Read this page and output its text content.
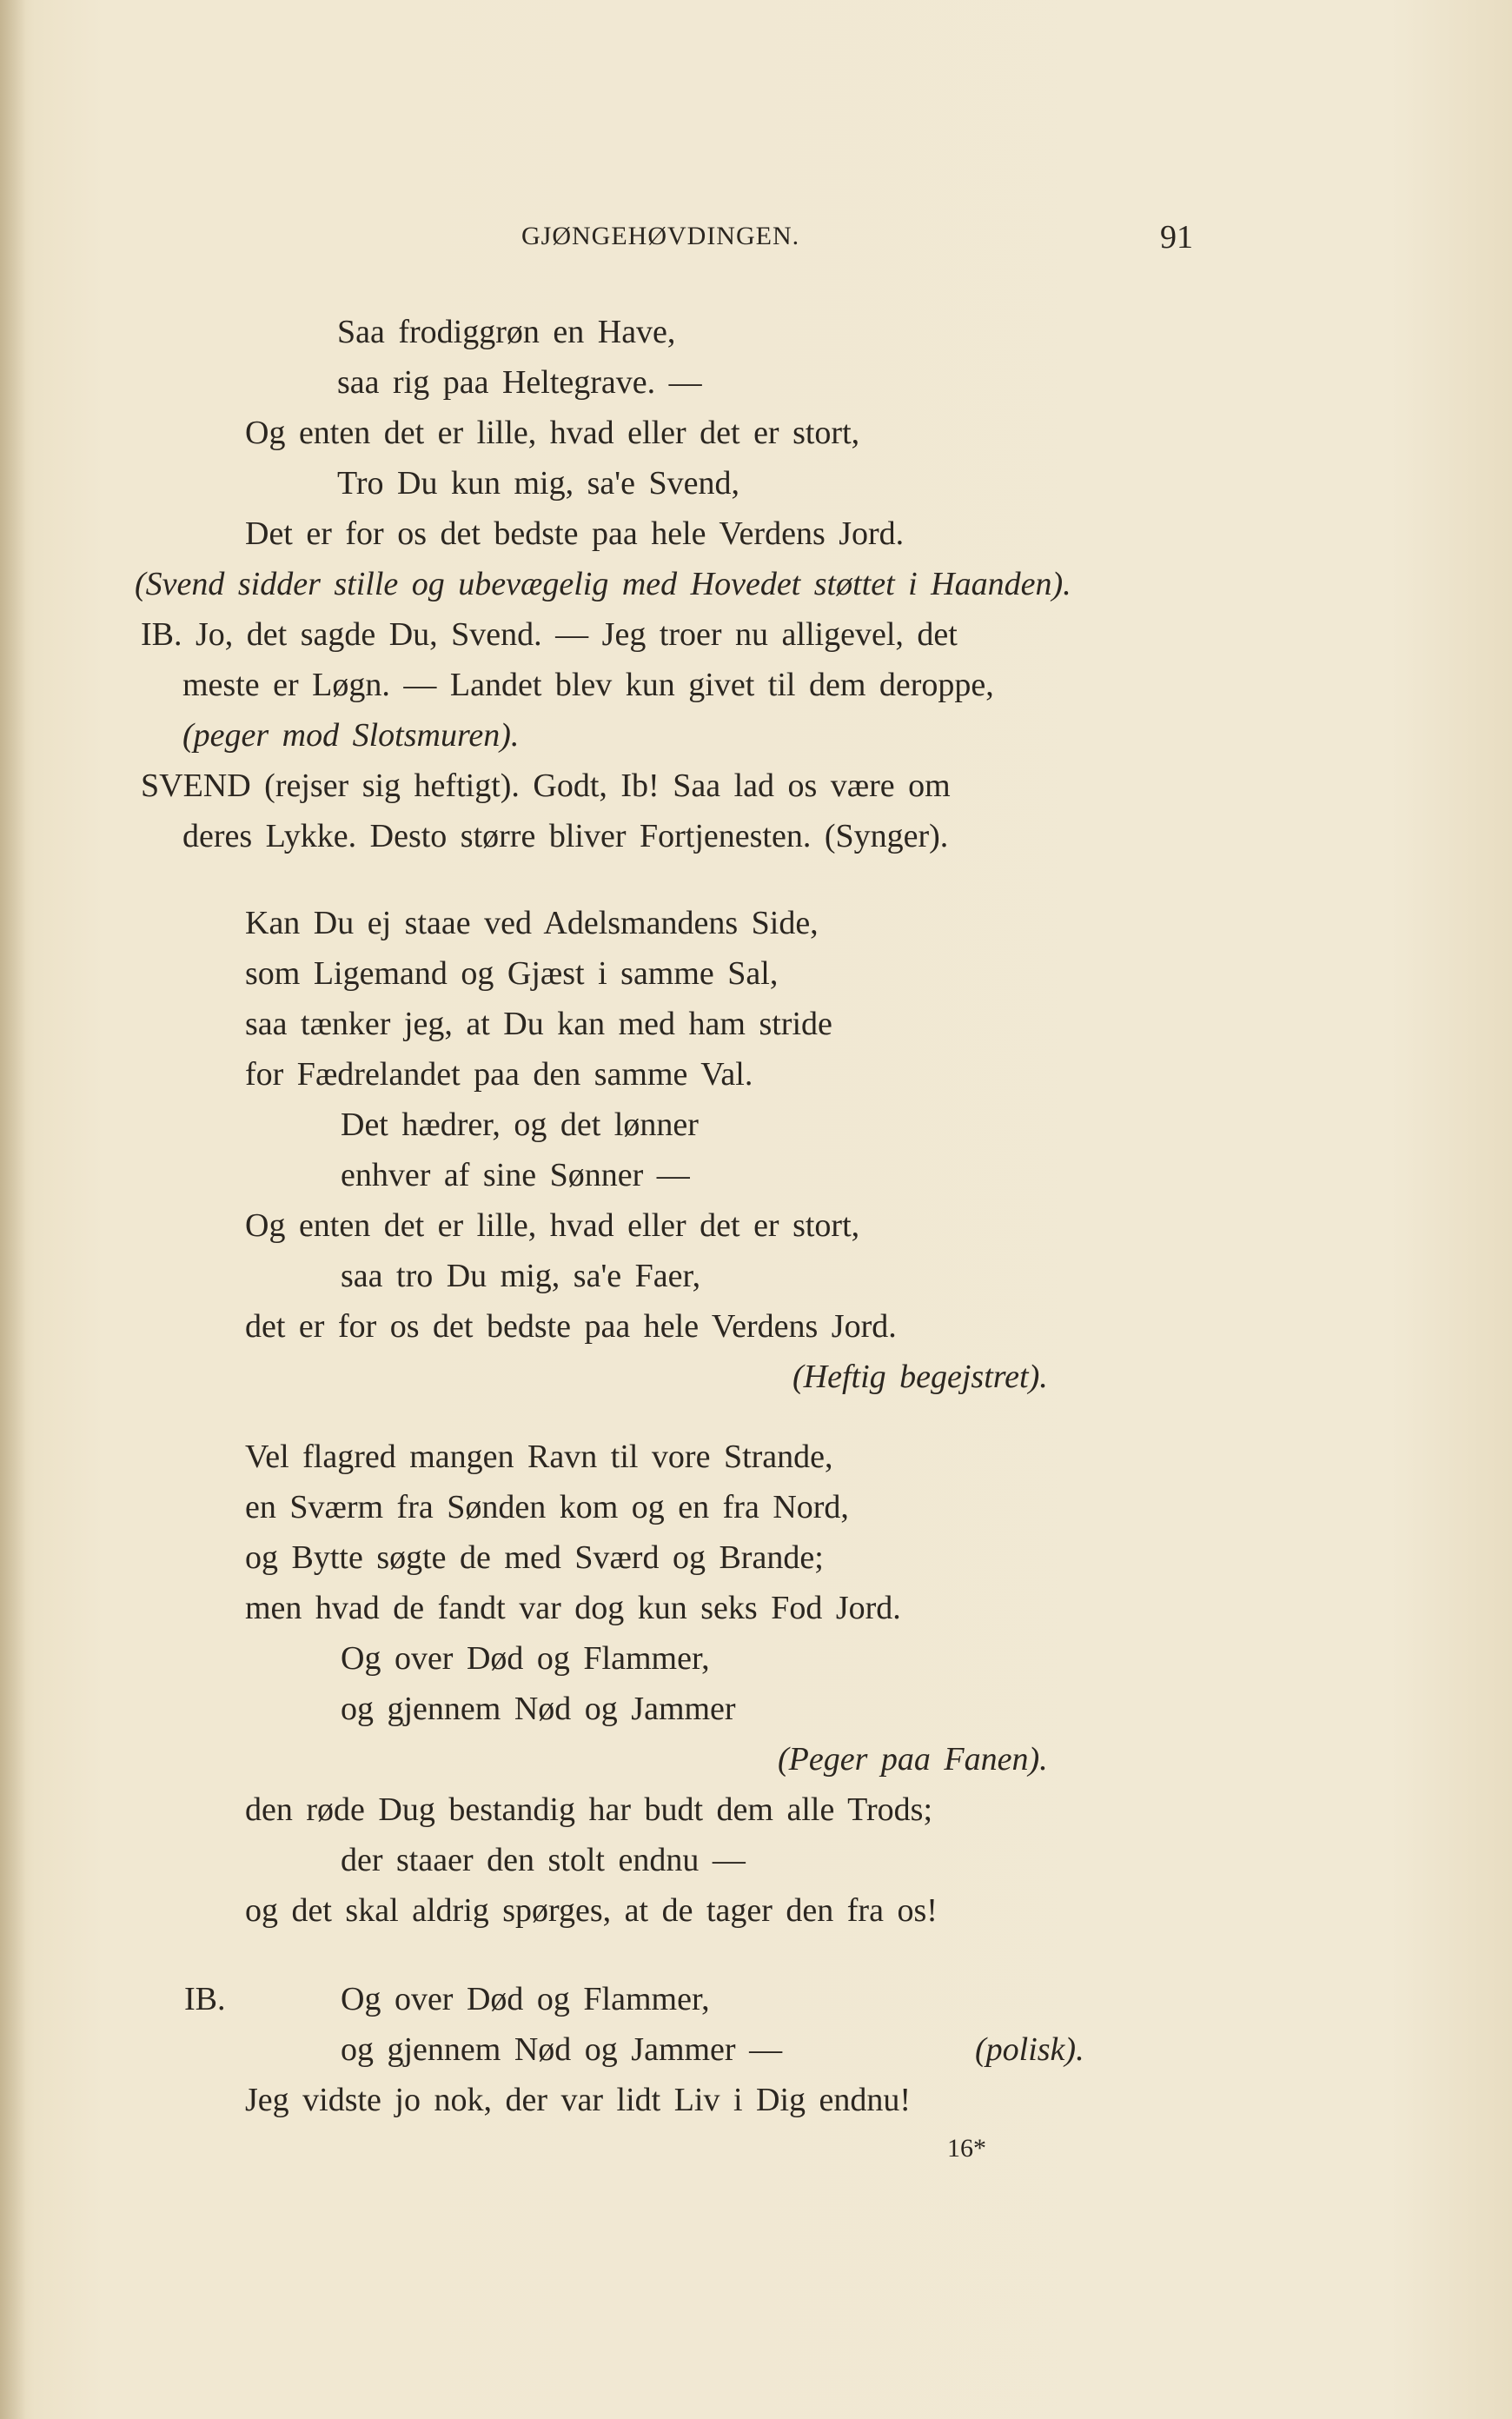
GJØNGEHØVDINGEN.	91
Saa frodiggrøn en Have,
saa rig paa Heltegrave. —
Og enten det er lille, hvad eller det er stort,
Tro Du kun mig, sa'e Svend,
Det er for os det bedste paa hele Verdens Jord.
(Svend sidder stille og ubevægelig med Hovedet støttet i Haanden).
IB. Jo, det sagde Du, Svend. — Jeg troer nu alligevel, det
meste er Løgn. — Landet blev kun givet til dem deroppe,
(peger mod Slotsmuren).
SVEND (rejser sig heftigt). Godt, Ib! Saa lad os være om
deres Lykke. Desto større bliver Fortjenesten. (Synger).
Kan Du ej staae ved Adelsmandens Side,
som Ligemand og Gjæst i samme Sal,
saa tænker jeg, at Du kan med ham stride
for Fædrelandet paa den samme Val.
Det hædrer, og det lønner
enhver af sine Sønner —
Og enten det er lille, hvad eller det er stort,
saa tro Du mig, sa'e Faer,
det er for os det bedste paa hele Verdens Jord.
(Heftig begejstret).
Vel flagred mangen Ravn til vore Strande,
en Sværm fra Sønden kom og en fra Nord,
og Bytte søgte de med Sværd og Brande;
men hvad de fandt var dog kun seks Fod Jord.
Og over Død og Flammer,
og gjennem Nød og Jammer
(Peger paa Fanen).
den røde Dug bestandig har budt dem alle Trods;
der staaer den stolt endnu —
og det skal aldrig spørges, at de tager den fra os!
IB.	Og over Død og Flammer,
og gjennem Nød og Jammer —	(polisk).
Jeg vidste jo nok, der var lidt Liv i Dig endnu!
16*
